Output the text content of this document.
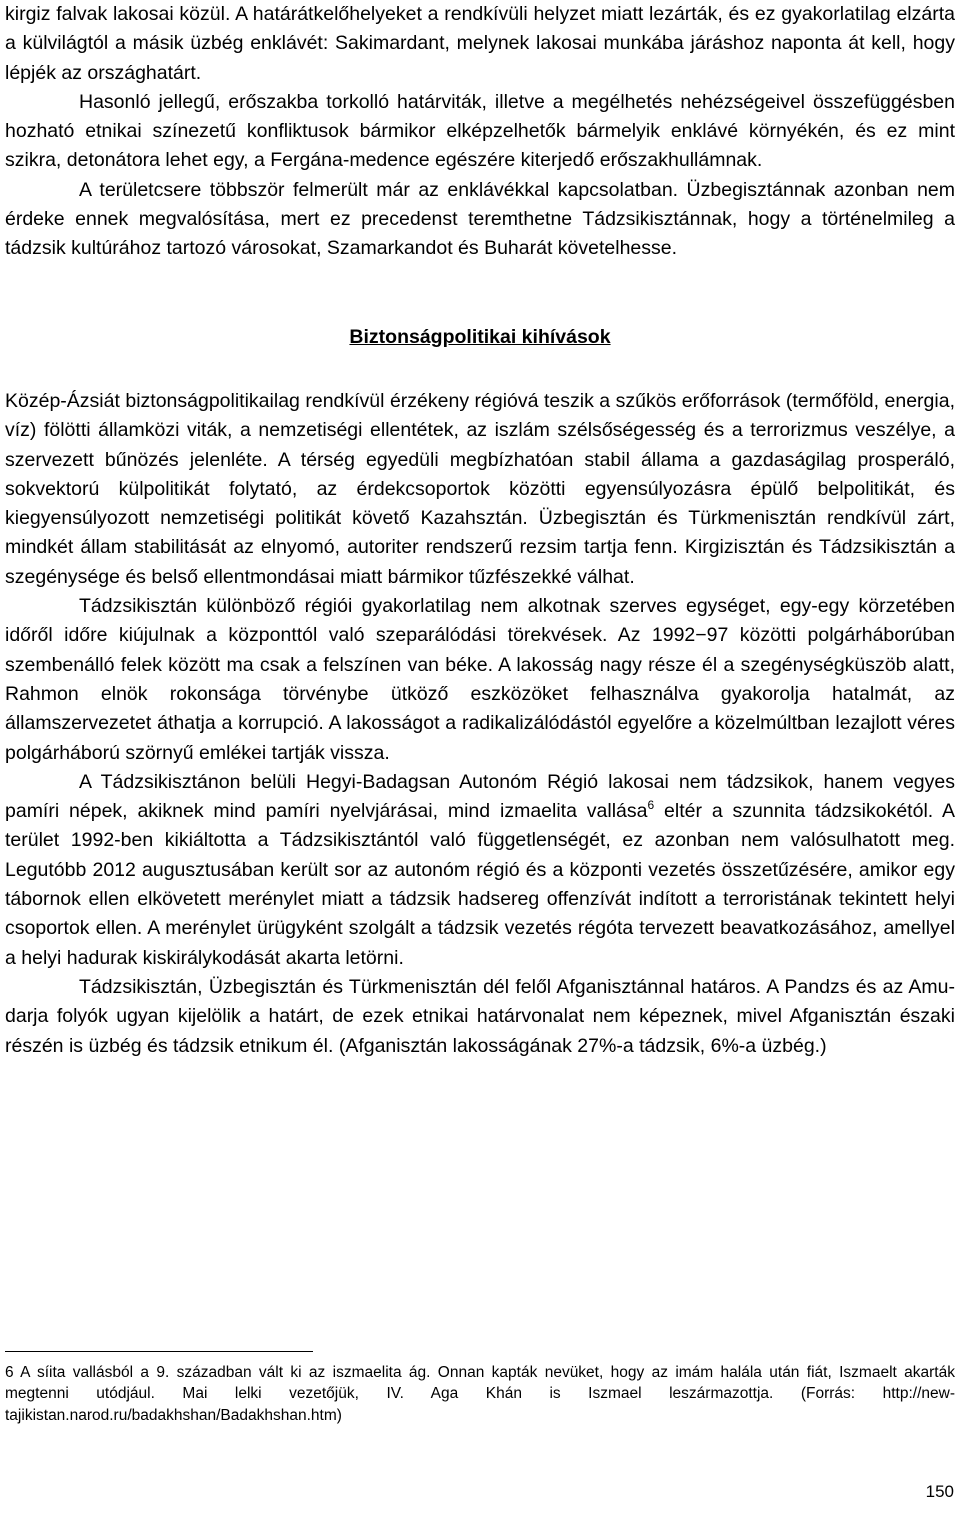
kirgiz falvak lakosai közül. A határátkelőhelyeket a rendkívüli helyzet miatt lezárták, és ez gyakorlatilag elzárta a külvilágtól a másik üzbég enklávét: Sakimardant, melynek lakosai munkába járáshoz naponta át kell, hogy lépjék az országhatárt.

Hasonló jellegű, erőszakba torkolló határviták, illetve a megélhetés nehézségeivel összefüggésben hozható etnikai színezetű konfliktusok bármikor elképzelhetők bármelyik enklávé környékén, és ez mint szikra, detonátora lehet egy, a Fergána-medence egészére kiterjedő erőszakhullámnak.

A területcsere többször felmerült már az enklávékkal kapcsolatban. Üzbegisztánnak azonban nem érdeke ennek megvalósítása, mert ez precedenst teremthetne Tádzsikisztánnak, hogy a történelmileg a tádzsik kultúrához tartozó városokat, Szamarkandot és Buharát követelhesse.

Biztonságpolitikai kihívások

Közép-Ázsiát biztonságpolitikailag rendkívül érzékeny régióvá teszik a szűkös erőforrások (termőföld, energia, víz) fölötti államközi viták, a nemzetiségi ellentétek, az iszlám szélsőségesség és a terrorizmus veszélye, a szervezett bűnözés jelenléte. A térség egyedüli megbízhatóan stabil állama a gazdaságilag prosperáló, sokvektorú külpolitikát folytató, az érdekcsoportok közötti egyensúlyozásra épülő belpolitikát, és kiegyensúlyozott nemzetiségi politikát követő Kazahsztán. Üzbegisztán és Türkmenisztán rendkívül zárt, mindkét állam stabilitását az elnyomó, autoriter rendszerű rezsim tartja fenn. Kirgizisztán és Tádzsikisztán a szegénysége és belső ellentmondásai miatt bármikor tűzfészekké válhat.

Tádzsikisztán különböző régiói gyakorlatilag nem alkotnak szerves egységet, egy-egy körzetében időről időre kiújulnak a központtól való szeparálódási törekvések. Az 1992−97 közötti polgárháborúban szembenálló felek között ma csak a felszínen van béke. A lakosság nagy része él a szegénységküszöb alatt, Rahmon elnök rokonsága törvénybe ütköző eszközöket felhasználva gyakorolja hatalmát, az államszervezetet áthatja a korrupció. A lakosságot a radikalizálódástól egyelőre a közelmúltban lezajlott véres polgárháború szörnyű emlékei tartják vissza.

A Tádzsikisztánon belüli Hegyi-Badagsan Autonóm Régió lakosai nem tádzsikok, hanem vegyes pamíri népek, akiknek mind pamíri nyelvjárásai, mind izmaelita vallása$^6$ eltér a szunnita tádzsikokétól. A terület 1992-ben kikiáltotta a Tádzsikisztántól való függetlenségét, ez azonban nem valósulhatott meg. Legutóbb 2012 augusztusában került sor az autonóm régió és a központi vezetés összetűzésére, amikor egy tábornok ellen elkövetett merénylet miatt a tádzsik hadsereg offenzívát indított a terroristának tekintett helyi csoportok ellen. A merénylet ürügyként szolgált a tádzsik vezetés régóta tervezett beavatkozásához, amellyel a helyi hadurak kiskirálykodását akarta letörni.

Tádzsikisztán, Üzbegisztán és Türkmenisztán dél felől Afganisztánnal határos. A Pandzs és az Amu-darja folyók ugyan kijelölik a határt, de ezek etnikai határvonalat nem képeznek, mivel Afganisztán északi részén is üzbég és tádzsik etnikum él. (Afganisztán lakosságának 27%-a tádzsik, 6%-a üzbég.)

6 A síita vallásból a 9. században vált ki az iszmaelita ág. Onnan kapták nevüket, hogy az imám halála után fiát, Iszmaelt akarták megtenni utódjául. Mai lelki vezetőjük, IV. Aga Khán is Iszmael leszármazottja. (Forrás: http://new-tajikistan.narod.ru/badakhshan/Badakhshan.htm)

150
